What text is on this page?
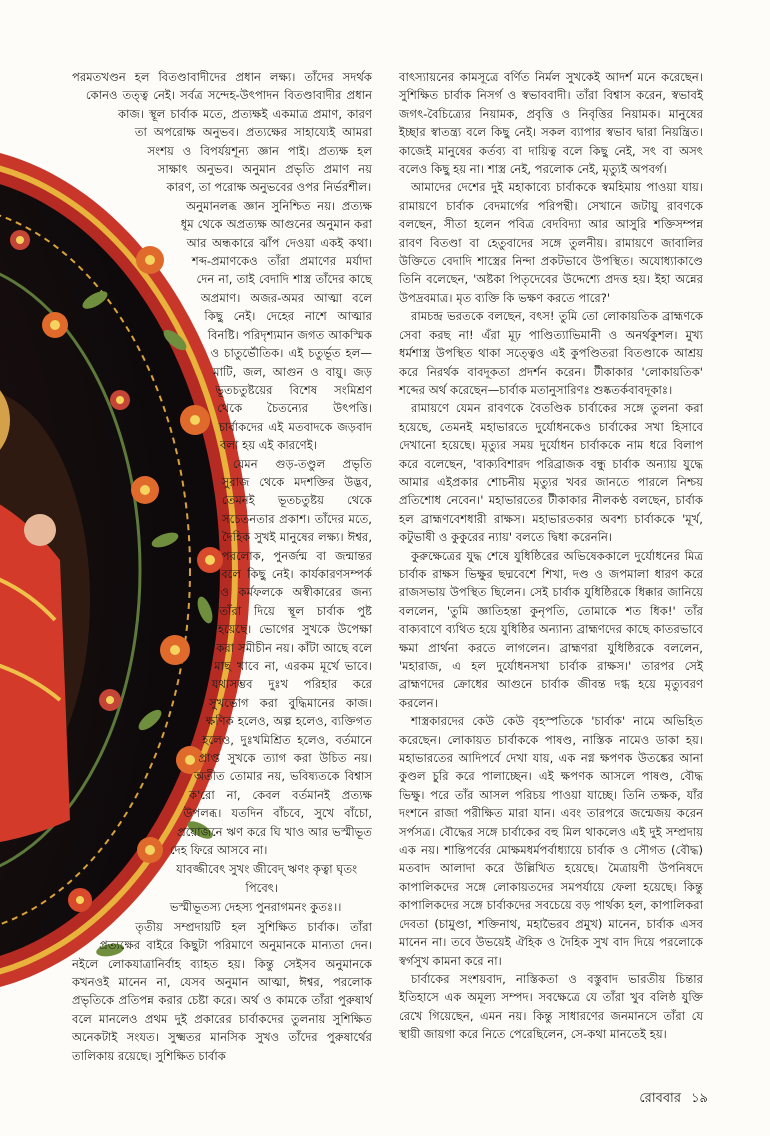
পরমতখণ্ডন হল বিতণ্ডাবাদীদের প্রধান লক্ষ্য। তাঁদের সদর্থক কোনও তত্ত্ব নেই। সর্বত্র সন্দেহ-উৎপাদন বিতণ্ডাবাদীর প্রধান কাজ। স্থূল চার্বাক মতে, প্রত্যক্ষই একমাত্র প্রমাণ, কারণ তা অপরোক্ষ অনুভব। প্রত্যক্ষের সাহায্যেই আমরা সংশয় ও বিপর্যয়শূন্য জ্ঞান পাই। প্রত্যক্ষ হল সাক্ষাৎ অনুভব। অনুমান প্রভৃতি প্রমাণ নয় কারণ, তা পরোক্ষ অনুভবের ওপর নির্ভরশীল।

অনুমানলব্ধ জ্ঞান সুনিশ্চিত নয়। প্রত্যক্ষ ধূম থেকে অপ্রত্যক্ষ আগুনের অনুমান করা আর অন্ধকারে ঝাঁপ দেওয়া একই কথা। শব্দ-প্রমাণকেও তাঁরা প্রমাণের মর্যাদা দেন না, তাই বেদাদি শাস্ত্র তাঁদের কাছে অপ্রমাণ। অজর-অমর আত্মা বলে কিছু নেই। দেহের নাশে আত্মার বিনষ্টি। পরিদৃশ্যমান জগত আকস্মিক ও চাতুর্ভৌতিক। এই চতুর্ভূত হল—মাটি, জল, আগুন ও বায়ু। জড় ভূতচতুষ্টয়ের বিশেষ সংমিশ্রণ থেকে চৈতন্যের উৎপত্তি। চার্বাকদের এই মতবাদকে জড়বাদ বলা হয় এই কারণেই।

যেমন গুড়-তণ্ডুল প্রভৃতি সুরাজ থেকে মদশক্তির উদ্ভব, তেমনই ভূতচতুষ্টয় থেকে সচেতনতার প্রকাশ। তাঁদের মতে, দৈহিক সুখই মানুষের লক্ষ্য। ঈশ্বর, পরলোক, পুনর্জন্ম বা জন্মান্তর বলে কিছু নেই। কার্যকারণসম্পর্ক ও কর্মফলকে অস্বীকারের জন্য তাঁরা দিয়ে স্থূল চার্বাক পুষ্ট হয়েছে। ভোগের সুখকে উপেক্ষা করা সমীচীন নয়। কাঁটা আছে বলে মাছ খাবে না, এরকম মূর্খে ভাবে। যথাসম্ভব দুঃখ পরিহার করে সুখভোগ করা বুদ্ধিমানের কাজ। ক্ষণিক হলেও, অল্প হলেও, ব্যক্তিগত হলেও, দুঃখমিশ্রিত হলেও, বর্তমানে প্রাপ্ত সুখকে ত্যাগ করা উচিত নয়। অতীত তোমার নয়, ভবিষ্যতকে বিশ্বাস ক'রো না, কেবল বর্তমানই প্রত্যক্ষ উপলব্ধ। যতদিন বাঁচবে, সুখে বাঁচো, প্রয়োজনে ঋণ করে ঘি খাও আর ভস্মীভূত দেহ ফিরে আসবে না।

যাবজ্জীবেৎ সুখং জীবেদ্ ঋণং কৃত্বা ঘৃতং পিবেৎ।

ভস্মীভূতস্য দেহস্য পুনরাগমনং কুতঃ।।

তৃতীয় সম্প্রদায়টি হল সুশিক্ষিত চার্বাক। তাঁরা প্রত্যক্ষের বাইরে কিছুটা পরিমাণে অনুমানকে মান্যতা দেন। নইলে লোকযাত্রানির্বাহ ব্যাহত হয়। কিন্তু সেইসব অনুমানকে কখনওই মানেন না, যেসব অনুমান আত্মা, ঈশ্বর, পরলোক প্রভৃতিকে প্রতিপন্ন করার চেষ্টা করে। অর্থ ও কামকে তাঁরা পুরুষার্থ বলে মানলেও প্রথম দুই প্রকারের চার্বাকদের তুলনায় সুশিক্ষিত অনেকটাই সংযত। সুক্ষ্মতর মানসিক সুখও তাঁদের পুরুষার্থের তালিকায় রয়েছে। সুশিক্ষিত চার্বাক

বাৎস্যায়নের কামসূত্রে বর্ণিত নির্মল সুখকেই আদর্শ মনে করেছেন। সুশিক্ষিত চার্বাক নিসর্গ ও স্বভাববাদী। তাঁরা বিশ্বাস করেন, স্বভাবই জগৎ-বৈচিত্র্যের নিয়ামক, প্রবৃত্তি ও নিবৃত্তির নিয়ামক। মানুষের ইচ্ছার স্বাতন্ত্র্য বলে কিছু নেই। সকল ব্যাপার স্বভাব দ্বারা নিয়ন্ত্রিত। কাজেই মানুষের কর্তব্য বা দায়িত্ব বলে কিছু নেই, সৎ বা অসৎ বলেও কিছু হয় না। শাস্ত্র নেই, পরলোক নেই, মৃত্যুই অপবর্গ।

আমাদের দেশের দুই মহাকাব্যে চার্বাককে স্বমহিমায় পাওয়া যায়। রামায়ণে চার্বাক বেদমার্গের পরিপন্থী। সেখানে জটায়ু রাবণকে বলছেন, সীতা হলেন পবিত্র বেদবিদ্যা আর আসুরি শক্তিসম্পন্ন রাবণ বিতণ্ডা বা হেতুবাদের সঙ্গে তুলনীয়। রামায়ণে জাবালির উক্তিতে বেদাদি শাস্ত্রের নিন্দা প্রকটভাবে উপস্থিত। অযোধ্যাকাণ্ডে তিনি বলেছেন, 'অষ্টকা পিতৃদেবের উদ্দেশ্যে প্রদত্ত হয়। ইহা অন্নের উপদ্রবমাত্র। মৃত ব্যক্তি কি ভক্ষণ করতে পারে?'

রামচন্দ্র ভরতকে বলছেন, বৎস! তুমি তো লোকায়তিক ব্রাহ্মণকে সেবা করছ না! এঁরা মূঢ় পাণ্ডিত্যাভিমানী ও অনর্থকুশল। মুখ্য ধর্মশাস্ত্র উপস্থিত থাকা সত্ত্বেও এই কুপণ্ডিতরা বিতণ্ডাকে আশ্রয় করে নিরর্থক বাবদূকতা প্রদর্শন করেন। টীকাকার 'লোকায়তিক' শব্দের অর্থ করেছেন—চার্বাক মতানুসারিণঃ শুষ্কতর্কবাবদূকাঃ।

রামায়ণে যেমন রাবণকে বৈতণ্ডিক চার্বাকের সঙ্গে তুলনা করা হয়েছে, তেমনই মহাভারতে দুর্যোধনকেও চার্বাকের সখা হিসাবে দেখানো হয়েছে। মৃত্যুর সময় দুর্যোধন চার্বাককে নাম ধরে বিলাপ করে বলেছেন, 'বাক্যবিশারদ পরিব্রাজক বন্ধু চার্বাক অন্যায় যুদ্ধে আমার এইপ্রকার শোচনীয় মৃত্যুর খবর জানতে পারলে নিশ্চয় প্রতিশোধ নেবেন।' মহাভারতের টীকাকার নীলকণ্ঠ বলছেন, চার্বাক হল ব্রাহ্মণবেশধারী রাক্ষস। মহাভারতকার অবশ্য চার্বাককে 'মূর্খ, কটুভাষী ও কুকুরের ন্যায়' বলতে দ্বিধা করেননি।

কুরুক্ষেত্রের যুদ্ধ শেষে যুধিষ্ঠিরের অভিষেককালে দুর্যোধনের মিত্র চার্বাক রাক্ষস ভিক্ষুর ছদ্মবেশে শিখা, দণ্ড ও জপমালা ধারণ করে রাজসভায় উপস্থিত ছিলেন। সেই চার্বাক যুধিষ্ঠিরকে ধিক্কার জানিয়ে বললেন, 'তুমি জ্ঞাতিহন্তা কুনৃপতি, তোমাকে শত ধিক!' তাঁর বাক্যবাণে ব্যথিত হয়ে যুধিষ্ঠির অন্যান্য ব্রাহ্মণদের কাছে কাতরভাবে ক্ষমা প্রার্থনা করতে লাগলেন। ব্রাহ্মণরা যুধিষ্ঠিরকে বললেন, 'মহারাজ, এ হল দুর্যোধনসখা চার্বাক রাক্ষস।' তারপর সেই ব্রাহ্মণদের ক্রোধের আগুনে চার্বাক জীবন্ত দগ্ধ হয়ে মৃত্যুবরণ করলেন।

শাস্ত্রকারদের কেউ কেউ বৃহস্পতিকে 'চার্বাক' নামে অভিহিত করেছেন। লোকায়ত চার্বাককে পাষণ্ড, নাস্তিক নামেও ডাকা হয়। মহাভারতের আদিপর্বে দেখা যায়, এক নগ্ন ক্ষপণক উতঙ্কের আনা কুণ্ডল চুরি করে পালাচ্ছেন। এই ক্ষপণক আসলে পাষণ্ড, বৌদ্ধ ভিক্ষু। পরে তাঁর আসল পরিচয় পাওয়া যাচ্ছে। তিনি তক্ষক, যাঁর দংশনে রাজা পরীক্ষিত মারা যান। এবং তারপরে জন্মেজয় করেন সর্পসত্র। বৌদ্ধের সঙ্গে চার্বাকের বহু মিল থাকলেও এই দুই সম্প্রদায় এক নয়। শান্তিপর্বের মোক্ষমধর্মপর্বাধ্যায়ে চার্বাক ও সৌগত (বৌদ্ধ) মতবাদ আলাদা করে উল্লিখিত হয়েছে। মৈত্রায়ণী উপনিষদে কাপালিকদের সঙ্গে লোকায়তদের সমপর্যায়ে ফেলা হয়েছে। কিন্তু কাপালিকদের সঙ্গে চার্বাকদের সবচেয়ে বড় পার্থক্য হল, কাপালিকরা দেবতা (চামুণ্ডা, শক্তিনাথ, মহাভৈরব প্রমুখ) মানেন, চার্বাক এসব মানেন না। তবে উভয়েই ঐহিক ও দৈহিক সুখ বাদ দিয়ে পরলোকে স্বর্গসুখ কামনা করে না।

চার্বাকের সংশয়বাদ, নাস্তিকতা ও বস্তুবাদ ভারতীয় চিন্তার ইতিহাসে এক অমূল্য সম্পদ। সবক্ষেত্রে যে তাঁরা খুব বলিষ্ঠ যুক্তি রেখে গিয়েছেন, এমন নয়। কিন্তু সাধারণের জনমানসে তাঁরা যে স্থায়ী জায়গা করে নিতে পেরেছিলেন, সে-কথা মানতেই হয়।

রোববার ১৯
